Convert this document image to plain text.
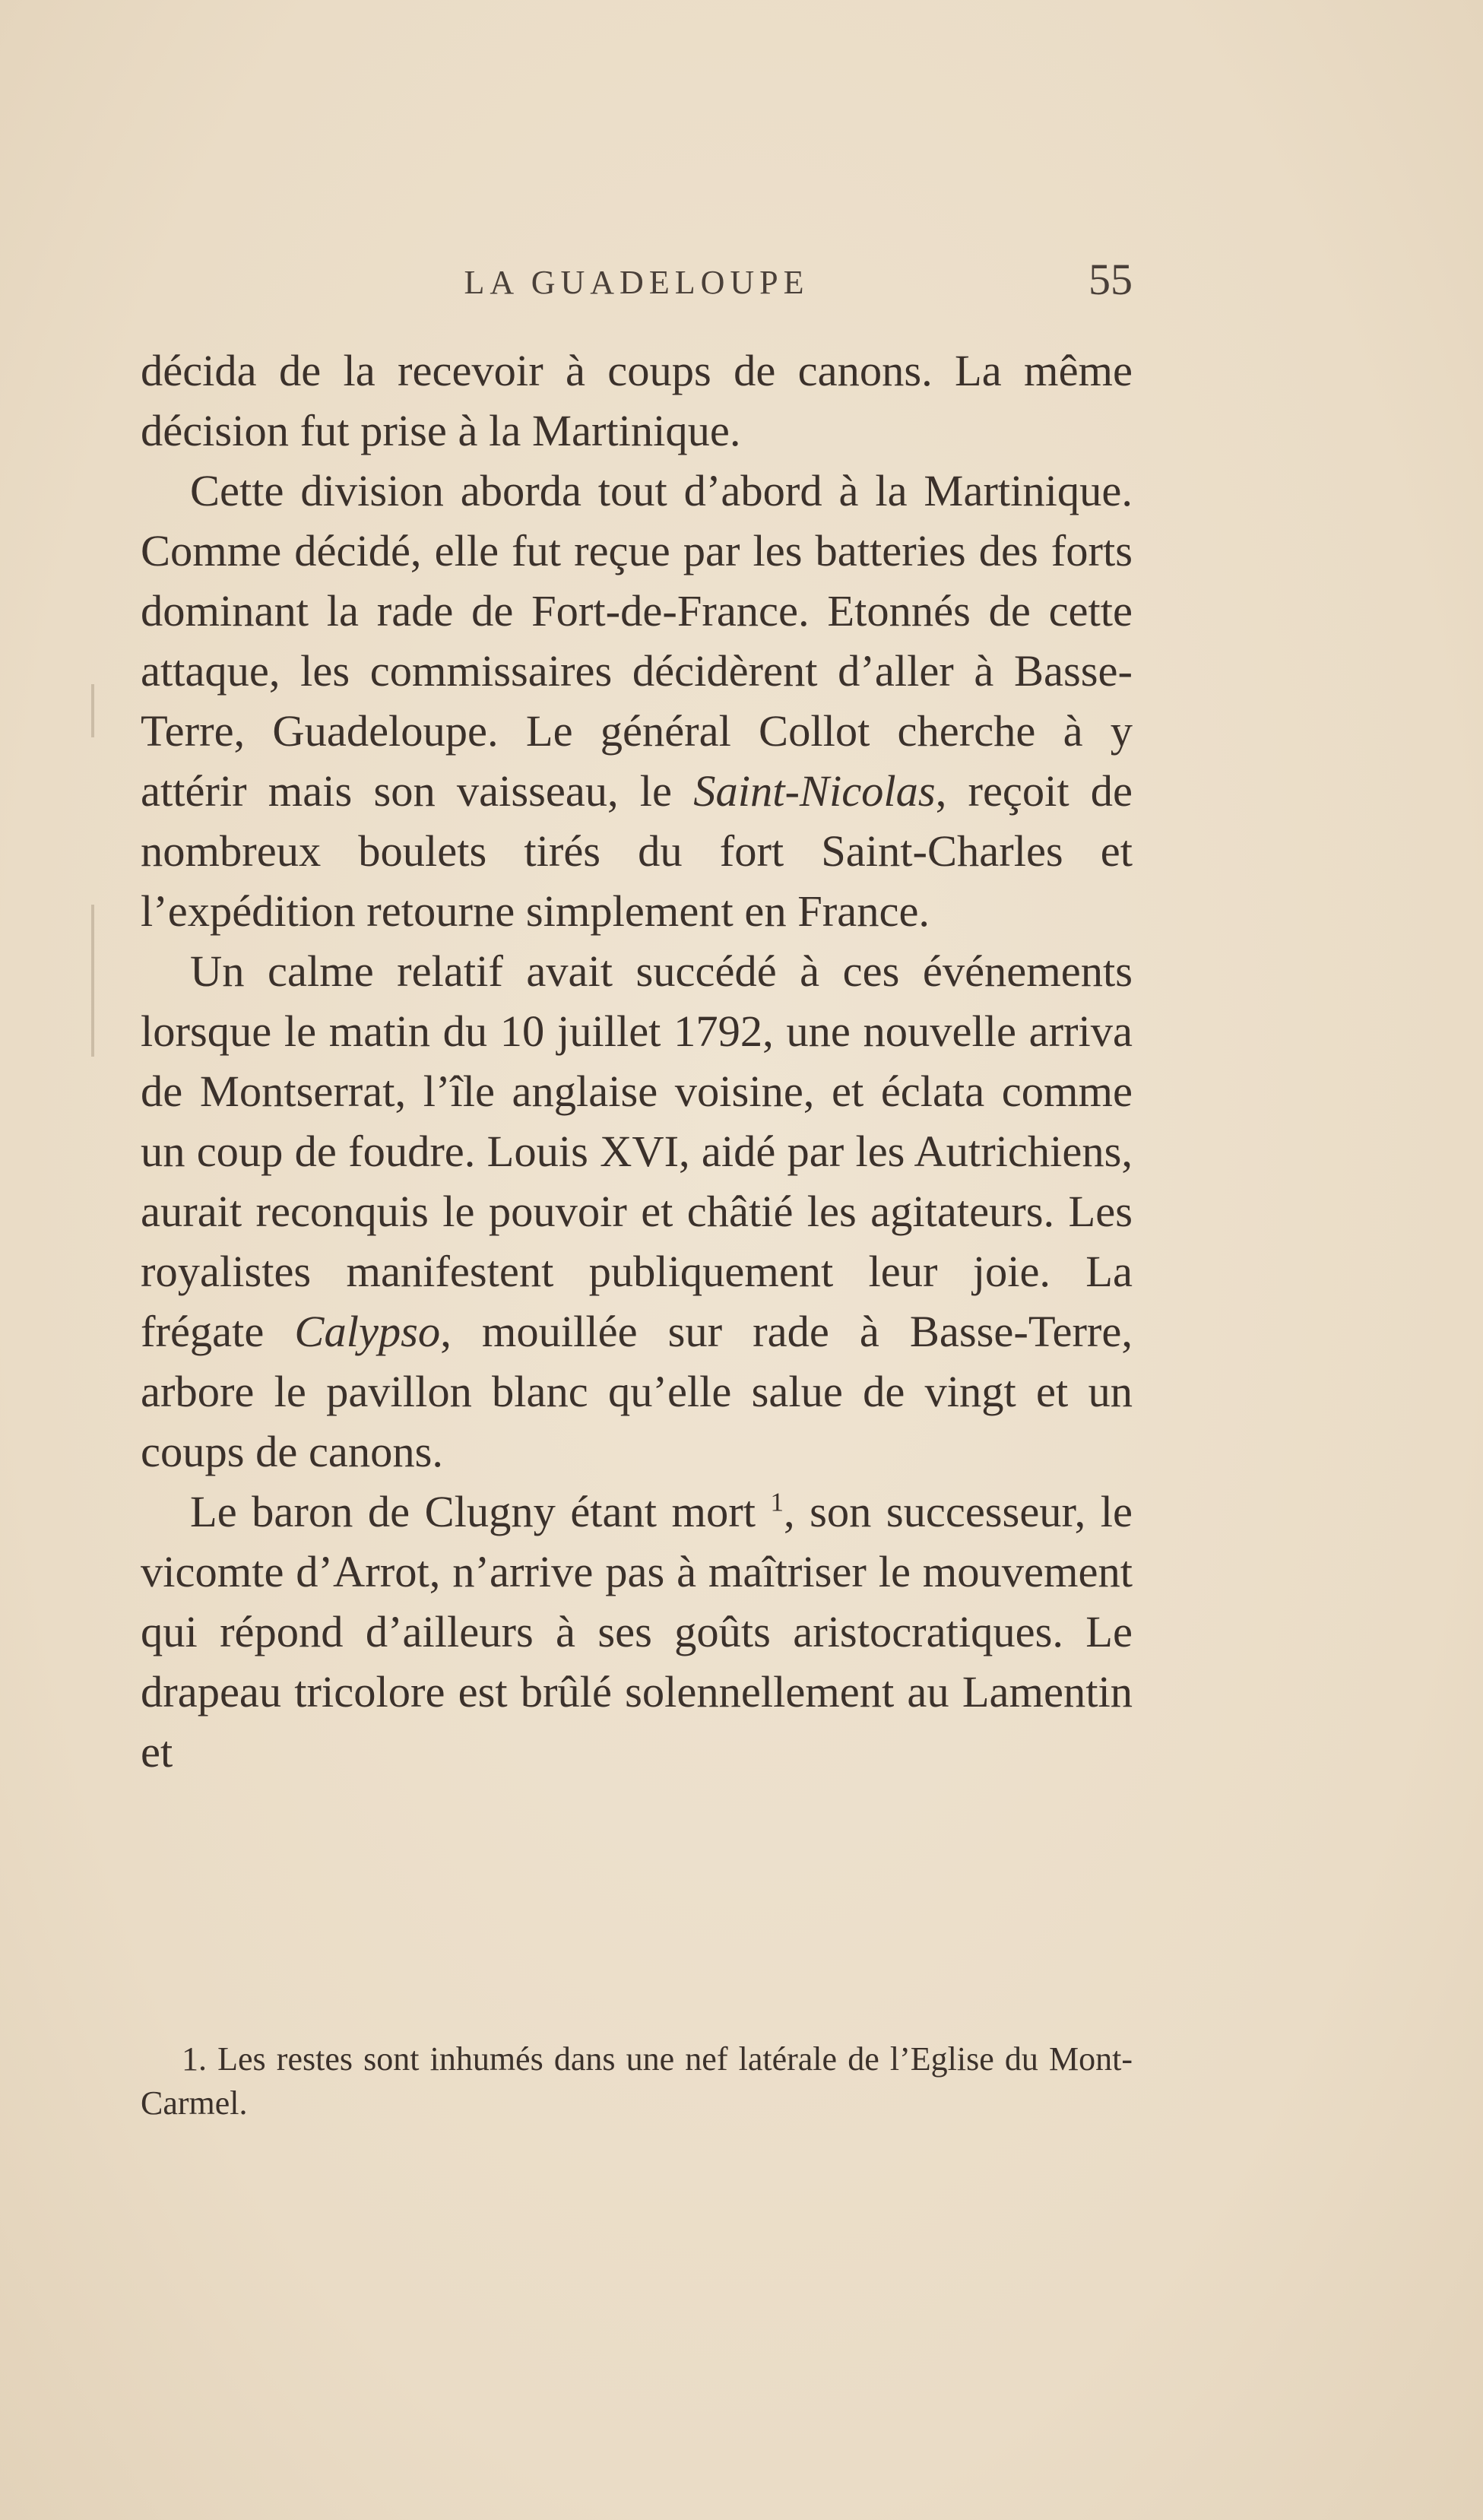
LA GUADELOUPE	55

décida de la recevoir à coups de canons. La même décision fut prise à la Martinique.

Cette division aborda tout d’abord à la Martinique. Comme décidé, elle fut reçue par les batteries des forts dominant la rade de Fort-de-France. Etonnés de cette attaque, les commissaires décidèrent d’aller à Basse-Terre, Guadeloupe. Le général Collot cherche à y attérir mais son vaisseau, le Saint-Nicolas, reçoit de nombreux boulets tirés du fort Saint-Charles et l’expédition retourne simplement en France.

Un calme relatif avait succédé à ces événements lorsque le matin du 10 juillet 1792, une nouvelle arriva de Montserrat, l’île anglaise voisine, et éclata comme un coup de foudre. Louis XVI, aidé par les Autrichiens, aurait reconquis le pouvoir et châtié les agitateurs. Les royalistes manifestent publiquement leur joie. La frégate Calypso, mouillée sur rade à Basse-Terre, arbore le pavillon blanc qu’elle salue de vingt et un coups de canons.

Le baron de Clugny étant mort $^1$, son successeur, le vicomte d’Arrot, n’arrive pas à maîtriser le mouvement qui répond d’ailleurs à ses goûts aristocratiques. Le drapeau tricolore est brûlé solennellement au Lamentin et

1. Les restes sont inhumés dans une nef latérale de l’Eglise du Mont-Carmel.
